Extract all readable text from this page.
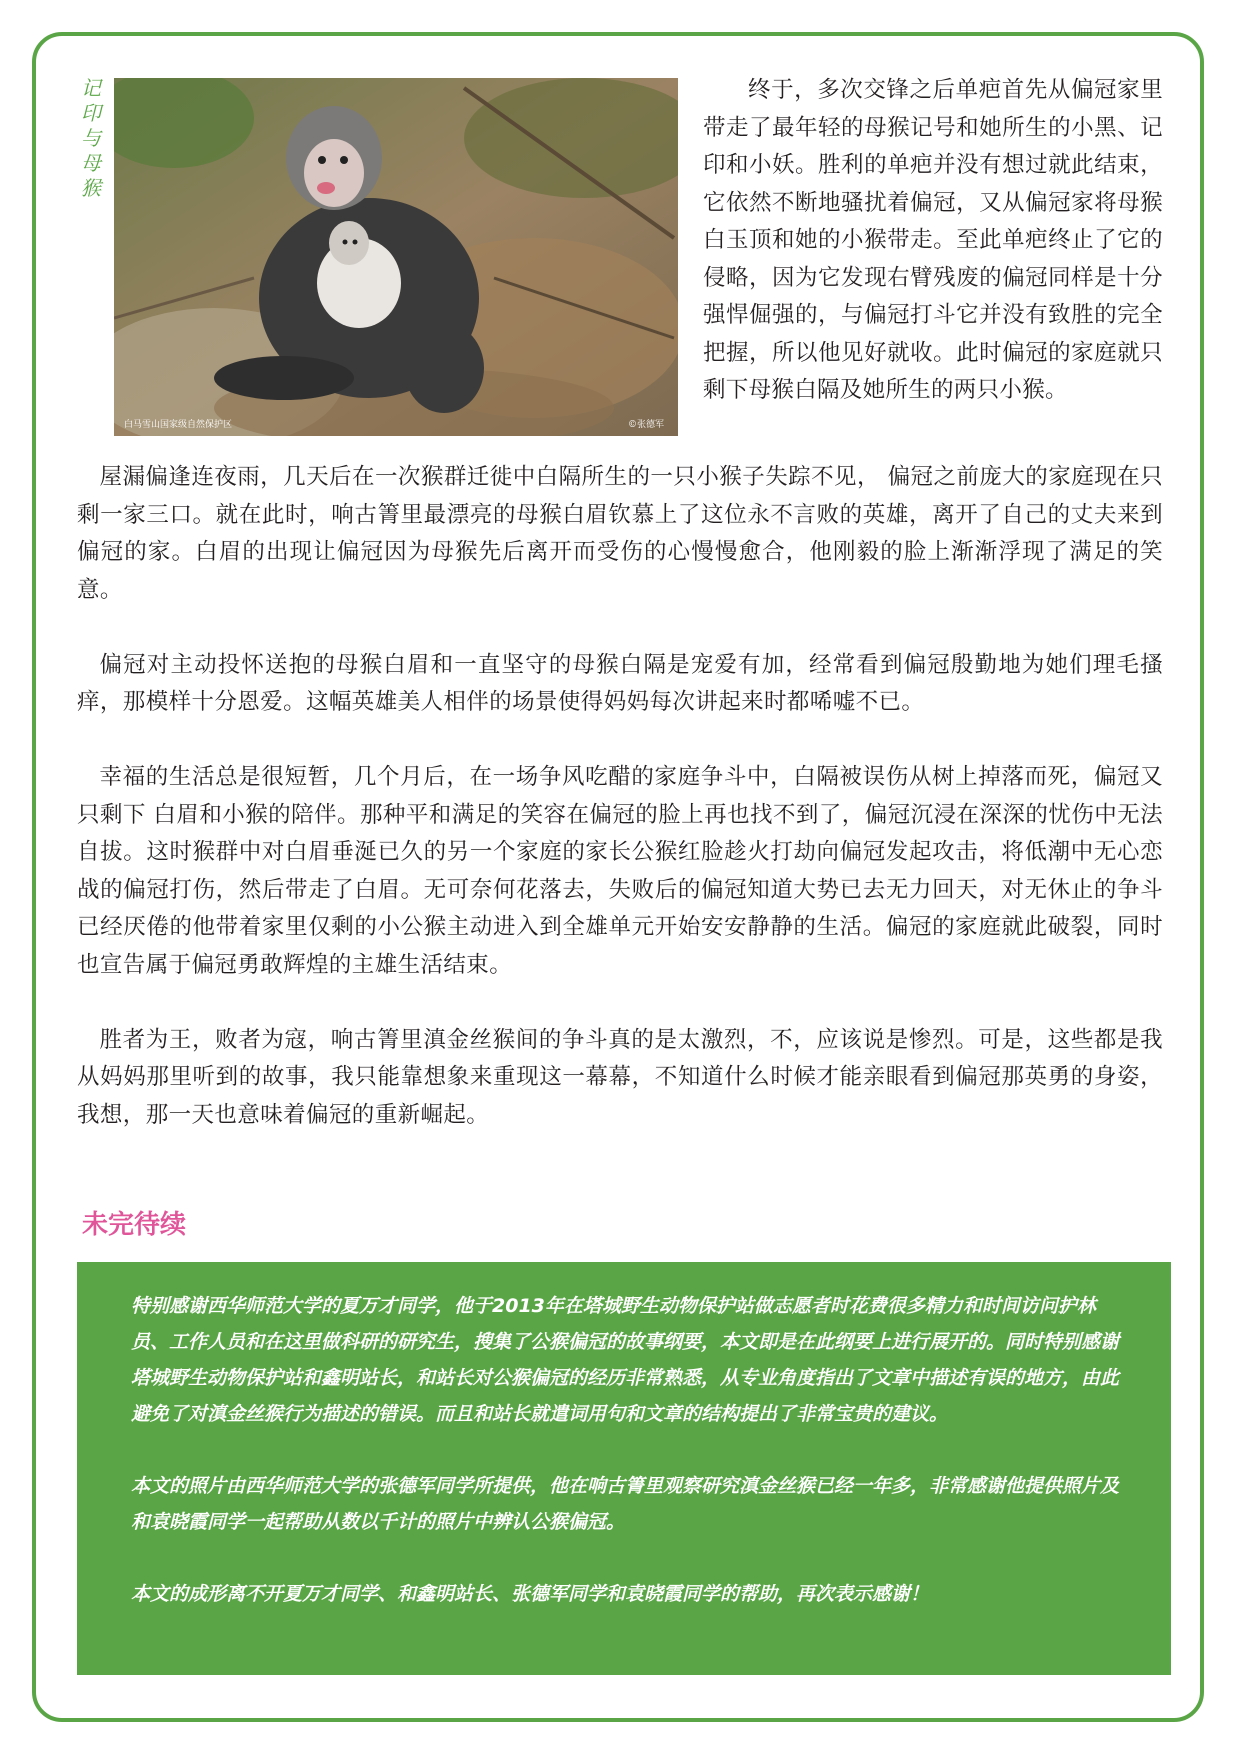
记
印
与
母
猴
白马雪山国家级自然保护区	©张德军
终于，多次交锋之后单疤首先从偏冠家里带走了最年轻的母猴记号和她所生的小黑、记印和小妖。胜利的单疤并没有想过就此结束，它依然不断地骚扰着偏冠，又从偏冠家将母猴白玉顶和她的小猴带走。至此单疤终止了它的侵略，因为它发现右臂残废的偏冠同样是十分强悍倔强的，与偏冠打斗它并没有致胜的完全把握，所以他见好就收。此时偏冠的家庭就只剩下母猴白隔及她所生的两只小猴。

屋漏偏逢连夜雨，几天后在一次猴群迁徙中白隔所生的一只小猴子失踪不见， 偏冠之前庞大的家庭现在只剩一家三口。就在此时，响古箐里最漂亮的母猴白眉钦慕上了这位永不言败的英雄，离开了自己的丈夫来到偏冠的家。白眉的出现让偏冠因为母猴先后离开而受伤的心慢慢愈合，他刚毅的脸上渐渐浮现了满足的笑意。

偏冠对主动投怀送抱的母猴白眉和一直坚守的母猴白隔是宠爱有加，经常看到偏冠殷勤地为她们理毛搔痒，那模样十分恩爱。这幅英雄美人相伴的场景使得妈妈每次讲起来时都唏嘘不已。

幸福的生活总是很短暂，几个月后，在一场争风吃醋的家庭争斗中，白隔被误伤从树上掉落而死，偏冠又只剩下 白眉和小猴的陪伴。那种平和满足的笑容在偏冠的脸上再也找不到了，偏冠沉浸在深深的忧伤中无法自拔。这时猴群中对白眉垂涎已久的另一个家庭的家长公猴红脸趁火打劫向偏冠发起攻击，将低潮中无心恋战的偏冠打伤，然后带走了白眉。无可奈何花落去，失败后的偏冠知道大势已去无力回天，对无休止的争斗已经厌倦的他带着家里仅剩的小公猴主动进入到全雄单元开始安安静静的生活。偏冠的家庭就此破裂，同时也宣告属于偏冠勇敢辉煌的主雄生活结束。

胜者为王，败者为寇，响古箐里滇金丝猴间的争斗真的是太激烈，不，应该说是惨烈。可是，这些都是我从妈妈那里听到的故事，我只能靠想象来重现这一幕幕，不知道什么时候才能亲眼看到偏冠那英勇的身姿，我想，那一天也意味着偏冠的重新崛起。

未完待续

特别感谢西华师范大学的夏万才同学，他于2013年在塔城野生动物保护站做志愿者时花费很多精力和时间访问护林员、工作人员和在这里做科研的研究生，搜集了公猴偏冠的故事纲要，本文即是在此纲要上进行展开的。同时特别感谢塔城野生动物保护站和鑫明站长，和站长对公猴偏冠的经历非常熟悉，从专业角度指出了文章中描述有误的地方，由此避免了对滇金丝猴行为描述的错误。而且和站长就遣词用句和文章的结构提出了非常宝贵的建议。

本文的照片由西华师范大学的张德军同学所提供，他在响古箐里观察研究滇金丝猴已经一年多，非常感谢他提供照片及和袁晓霞同学一起帮助从数以千计的照片中辨认公猴偏冠。

本文的成形离不开夏万才同学、和鑫明站长、张德军同学和袁晓霞同学的帮助，再次表示感谢！
